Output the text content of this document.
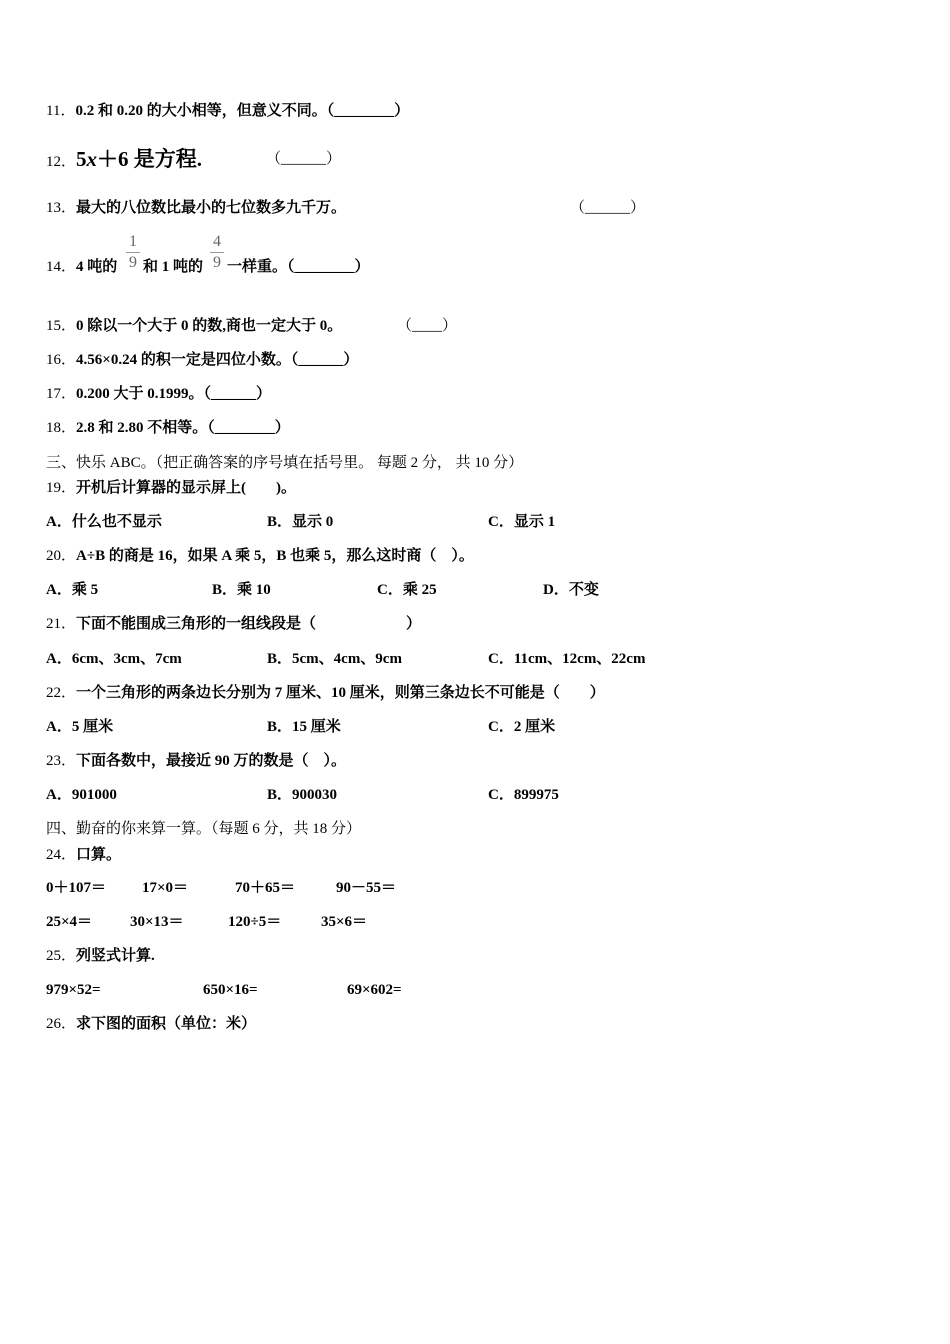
11．0.2 和 0.20 的大小相等，但意义不同。（________）
12．5x＋6 是方程.	（______）
13．最大的八位数比最小的七位数多九千万。	（______）
14．4 吨的
1
9 和 1 吨的
4
9 一样重。（________）
15．0 除以一个大于 0 的数,商也一定大于 0。	（____）
16．4.56×0.24 的积一定是四位小数。（______）
17．0.200 大于 0.1999。（______）
18．2.8 和 2.80 不相等。（________）
三、快乐 ABC。（把正确答案的序号填在括号里。 每题 2 分， 共 10 分）
19．开机后计算器的显示屏上(　　)。
A．什么也不显示	B．显示 0	C．显示 1
20．A÷B 的商是 16，如果 A 乘 5，B 也乘 5，那么这时商（　）。
A．乘 5	B．乘 10	C．乘 25	D．不变
21．下面不能围成三角形的一组线段是（　　　　　　）
A．6cm、3cm、7cm	B．5cm、4cm、9cm	C．11cm、12cm、22cm
22．一个三角形的两条边长分别为 7 厘米、10 厘米，则第三条边长不可能是（　　）
A．5 厘米	B．15 厘米	C．2 厘米
23．下面各数中，最接近 90 万的数是（　）。
A．901000	B．900030	C．899975
四、勤奋的你来算一算。（每题 6 分，共 18 分）
24．口算。
0＋107＝ 17×0＝	70＋65＝	90－55＝
25×4＝	30×13＝	120÷5＝	35×6＝
25．列竖式计算.
979×52=	650×16=	69×602=
26．求下图的面积（单位：米）
